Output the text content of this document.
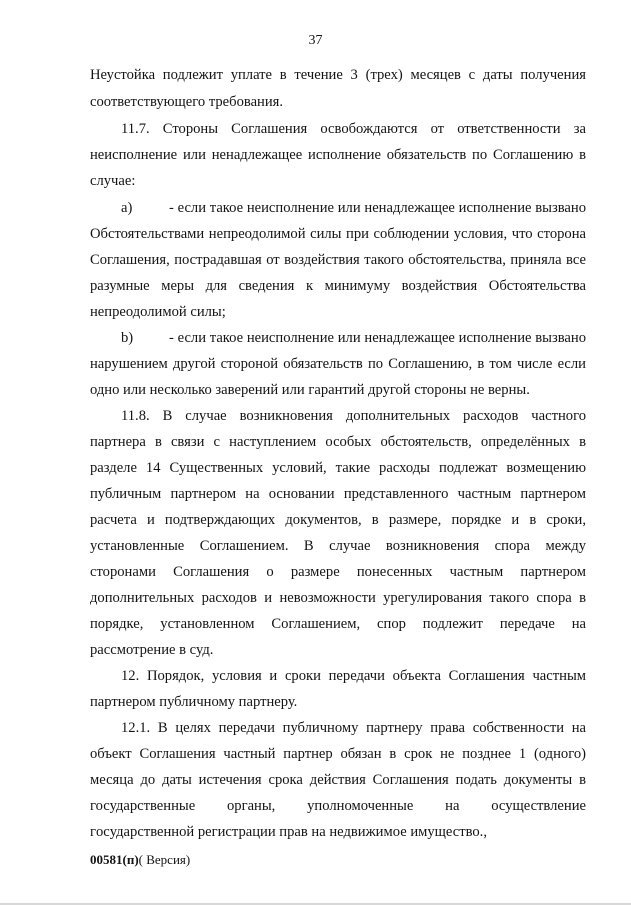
37
Неустойка подлежит уплате в течение 3 (трех) месяцев с даты получения
соответствующего требования.
11.7. Стороны Соглашения освобождаются от ответственности за
неисполнение или ненадлежащее исполнение обязательств по Соглашению в
случае:
a)	- если такое неисполнение или ненадлежащее исполнение вызвано
Обстоятельствами непреодолимой силы при соблюдении условия, что сторона
Соглашения, пострадавшая от воздействия такого обстоятельства, приняла все
разумные меры для сведения к минимуму воздействия Обстоятельства
непреодолимой силы;
b)	- если такое неисполнение или ненадлежащее исполнение вызвано
нарушением другой стороной обязательств по Соглашению, в том числе если
одно или несколько заверений или гарантий другой стороны не верны.
11.8. В случае возникновения дополнительных расходов частного
партнера в связи с наступлением особых обстоятельств, определённых в
разделе 14 Существенных условий, такие расходы подлежат возмещению
публичным партнером на основании представленного частным партнером
расчета и подтверждающих документов, в размере, порядке и в сроки,
установленные Соглашением. В случае возникновения спора между
сторонами Соглашения о размере понесенных частным партнером
дополнительных расходов и невозможности урегулирования такого спора в
порядке, установленном Соглашением, спор подлежит передаче на
рассмотрение в суд.
12. Порядок, условия и сроки передачи объекта Соглашения частным
партнером публичному партнеру.
12.1. В целях передачи публичному партнеру права собственности на
объект Соглашения частный партнер обязан в срок не позднее 1 (одного)
месяца до даты истечения срока действия Соглашения подать документы в
государственные органы, уполномоченные на осуществление
гocударственной регистрации прав на недвижимое имущество.,
00581(п)( Версия)
